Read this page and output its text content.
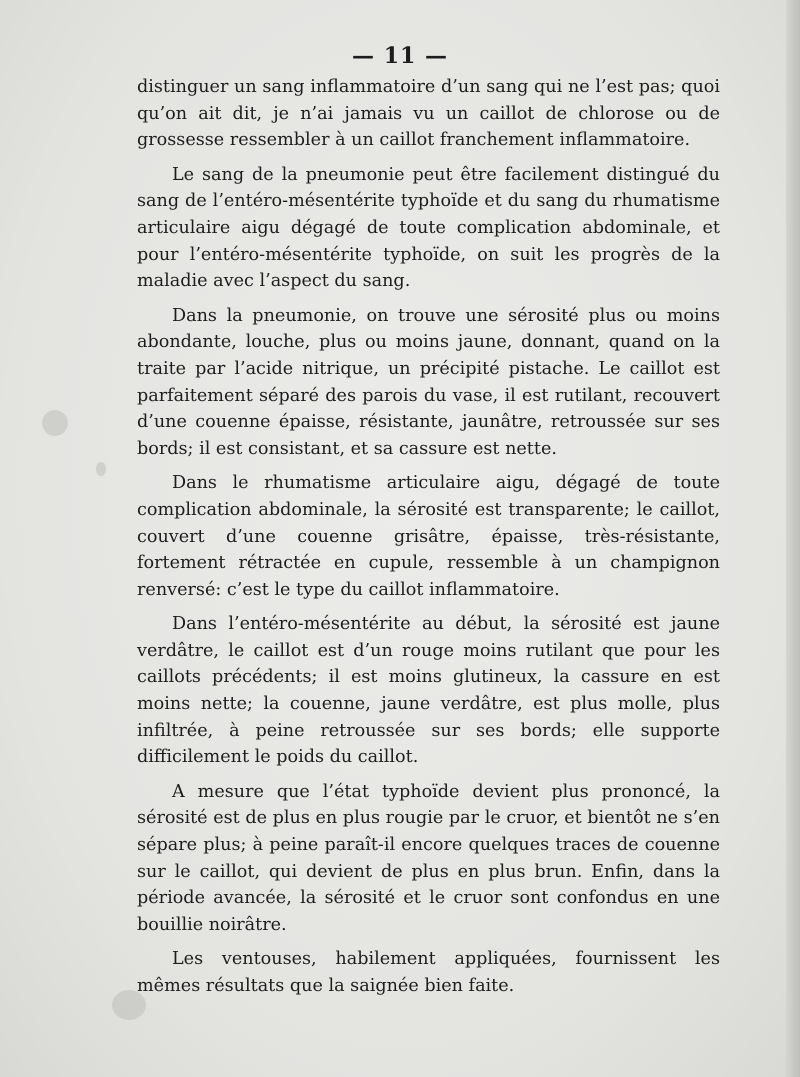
— 11 —

distinguer un sang inflammatoire d’un sang qui ne l’est pas; quoi qu’on ait dit, je n’ai jamais vu un caillot de chlorose ou de grossesse ressembler à un caillot franchement inflammatoire.

Le sang de la pneumonie peut être facilement distingué du sang de l’entéro-mésentérite typhoïde et du sang du rhumatisme articulaire aigu dégagé de toute complication abdominale, et pour l’entéro-mésentérite typhoïde, on suit les progrès de la maladie avec l’aspect du sang.

Dans la pneumonie, on trouve une sérosité plus ou moins abondante, louche, plus ou moins jaune, donnant, quand on la traite par l’acide nitrique, un précipité pistache. Le caillot est parfaitement séparé des parois du vase, il est rutilant, recouvert d’une couenne épaisse, résistante, jaunâtre, retroussée sur ses bords; il est consistant, et sa cassure est nette.

Dans le rhumatisme articulaire aigu, dégagé de toute complication abdominale, la sérosité est transparente; le caillot, couvert d’une couenne grisâtre, épaisse, très-résistante, fortement rétractée en cupule, ressemble à un champignon renversé: c’est le type du caillot inflammatoire.

Dans l’entéro-mésentérite au début, la sérosité est jaune verdâtre, le caillot est d’un rouge moins rutilant que pour les caillots précédents; il est moins glutineux, la cassure en est moins nette; la couenne, jaune verdâtre, est plus molle, plus infiltrée, à peine retroussée sur ses bords; elle supporte difficilement le poids du caillot.

A mesure que l’état typhoïde devient plus prononcé, la sérosité est de plus en plus rougie par le cruor, et bientôt ne s’en sépare plus; à peine paraît-il encore quelques traces de couenne sur le caillot, qui devient de plus en plus brun. Enfin, dans la période avancée, la sérosité et le cruor sont confondus en une bouillie noirâtre.

Les ventouses, habilement appliquées, fournissent les mêmes résultats que la saignée bien faite.
